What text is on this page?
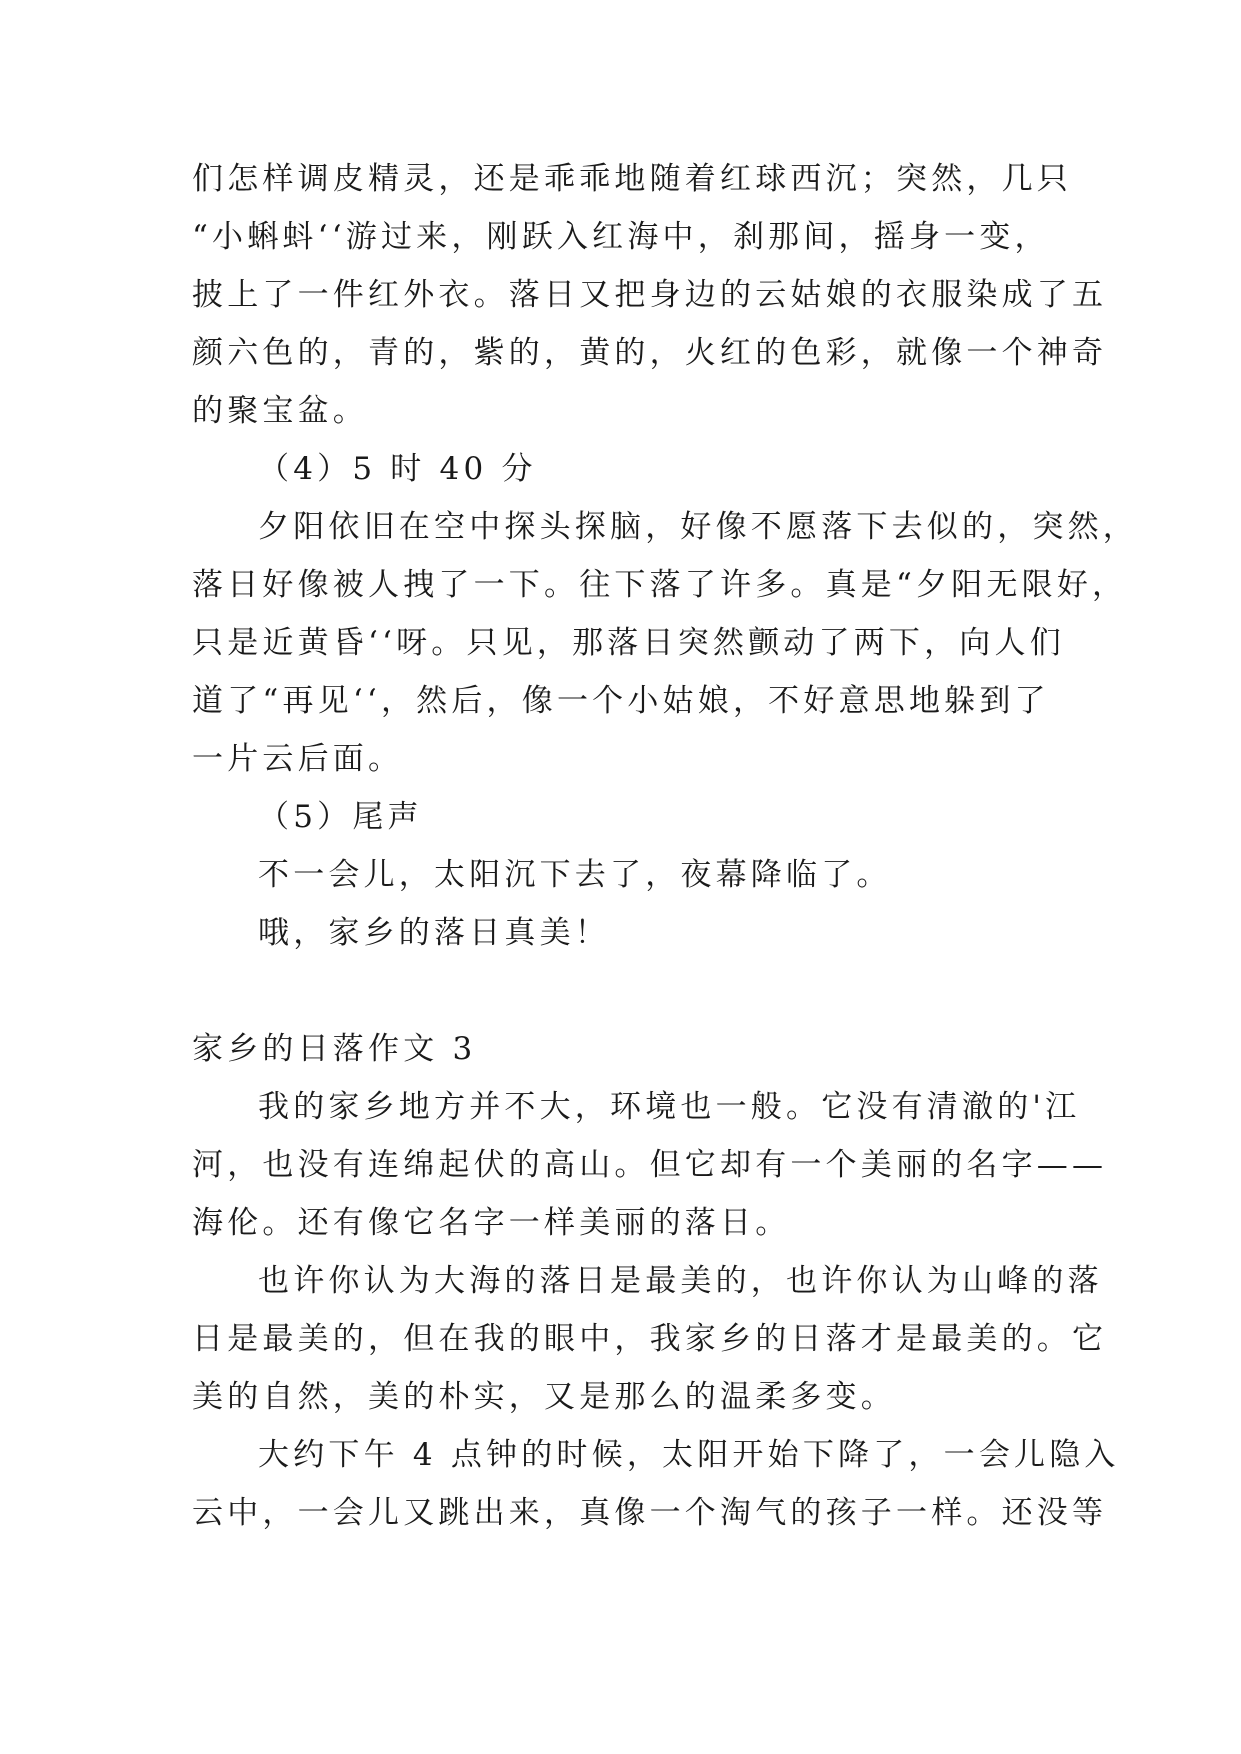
们怎样调皮精灵，还是乖乖地随着红球西沉；突然，几只
“小蝌蚪‘‘游过来，刚跃入红海中，刹那间，摇身一变，
披上了一件红外衣。落日又把身边的云姑娘的衣服染成了五
颜六色的，青的，紫的，黄的，火红的色彩，就像一个神奇
的聚宝盆。
（4）5 时 40 分
夕阳依旧在空中探头探脑，好像不愿落下去似的，突然，
落日好像被人拽了一下。往下落了许多。真是“夕阳无限好，
只是近黄昏‘‘呀。只见，那落日突然颤动了两下，向人们
道了“再见‘‘，然后，像一个小姑娘，不好意思地躲到了
一片云后面。
（5）尾声
不一会儿，太阳沉下去了，夜幕降临了。
哦，家乡的落日真美！
家乡的日落作文 3
我的家乡地方并不大，环境也一般。它没有清澈的'江
河，也没有连绵起伏的高山。但它却有一个美丽的名字——
海伦。还有像它名字一样美丽的落日。
也许你认为大海的落日是最美的，也许你认为山峰的落
日是最美的，但在我的眼中，我家乡的日落才是最美的。它
美的自然，美的朴实，又是那么的温柔多变。
大约下午 4 点钟的时候，太阳开始下降了，一会儿隐入
云中，一会儿又跳出来，真像一个淘气的孩子一样。还没等
